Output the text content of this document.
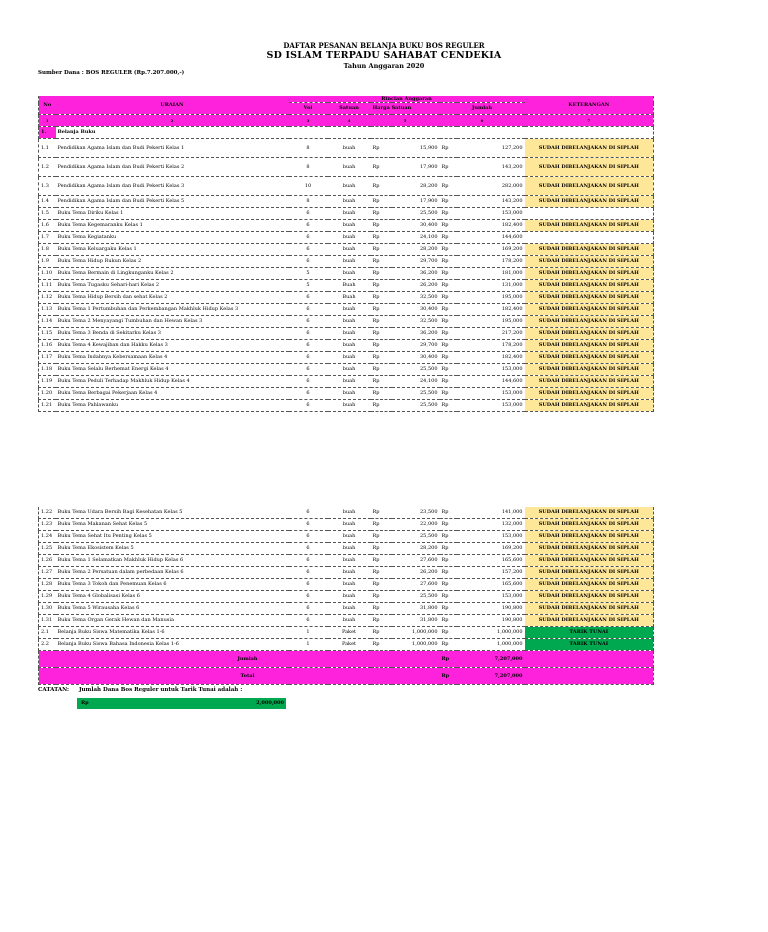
DAFTAR PESANAN BELANJA BUKU BOS REGULER
SD ISLAM TERPADU SAHABAT CENDEKIA
Tahun Anggaran 2020
Sumber Dana : BOS REGULER (Rp.7.207.000,-)
No	URAIAN	Rincian Anggaran						KETERANGAN
		Vol	Satuan	Harga Satuan		Jumlah		
1	2	3	4	5		6		7
1.	Belanja Buku							
1.1	Pendidikan Agama Islam dan Budi Pekerti Kelas 1	8	buah	Rp	15,900	Rp	127,200	SUDAH DIBELANJAKAN DI SIPLAH
1.2	Pendidikan Agama Islam dan Budi Pekerti Kelas 2	8	buah	Rp	17,900	Rp	143,200	SUDAH DIBELANJAKAN DI SIPLAH
1.3	Pendidikan Agama Islam dan Budi Pekerti Kelas 3	10	buah	Rp	28,200	Rp	282,000	SUDAH DIBELANJAKAN DI SIPLAH
1.4	Pendidikan Agama Islam dan Budi Pekerti Kelas 5	8	buah	Rp	17,900	Rp	143,200	SUDAH DIBELANJAKAN DI SIPLAH
1.5	Buku Tema Diriku Kelas 1	6	buah	Rp	25,500	Rp	153,000	
1.6	Buku Tema Kegemaranku Kelas 1	6	buah	Rp	30,400	Rp	182,400	SUDAH DIBELANJAKAN DI SIPLAH
1.7	Buku Tema Kegiatanku	6	buah	Rp	24,100	Rp	144,600	
1.8	Buku Tema Keluargaku Kelas 1	6	buah	Rp	28,200	Rp	169,200	SUDAH DIBELANJAKAN DI SIPLAH
1.9	Buku Tema Hidup Rukun Kelas 2	6	buah	Rp	29,700	Rp	178,200	SUDAH DIBELANJAKAN DI SIPLAH
1.10	Buku Tema Bermain di Lingkunganku Kelas 2	5	buah	Rp	36,200	Rp	181,000	SUDAH DIBELANJAKAN DI SIPLAH
1.11	Buku Tema Tugasku Sehari-hari Kelas 2	5	Buah	Rp	26,200	Rp	131,000	SUDAH DIBELANJAKAN DI SIPLAH
1.12	Buku Tema Hidup Bersih dan sehat Kelas 2	6	Buah	Rp	32,500	Rp	195,000	SUDAH DIBELANJAKAN DI SIPLAH
1.13	Buku Tema 1 Pertumbuhan dan Perkembangan Makhluk Hidup Kelas 3	6	buah	Rp	30,400	Rp	182,400	SUDAH DIBELANJAKAN DI SIPLAH
1.14	Buku Tema 2 Menyayangi Tumbuhan dan Hewan Kelas 3	6	buah	Rp	32,500	Rp	195,000	SUDAH DIBELANJAKAN DI SIPLAH
1.15	Buku Tema 3 Benda di Sekitarku Kelas 3	6	buah	Rp	36,200	Rp	217,200	SUDAH DIBELANJAKAN DI SIPLAH
1.16	Buku Tema 4 Kewajiban dan Hakku Kelas 3	6	buah	Rp	29,700	Rp	178,200	SUDAH DIBELANJAKAN DI SIPLAH
1.17	Buku Tema Indahnya Kebersamaan Kelas 4	6	buah	Rp	30,400	Rp	182,400	SUDAH DIBELANJAKAN DI SIPLAH
1.18	Buku Tema Selalu Berhemat Energi Kelas 4	6	buah	Rp	25,500	Rp	153,000	SUDAH DIBELANJAKAN DI SIPLAH
1.19	Buku Tema Peduli Terhadap Makhluk Hidup Kelas 4	6	buah	Rp	24,100	Rp	144,600	SUDAH DIBELANJAKAN DI SIPLAH
1.20	Buku Tema Berbagai Pekerjaan Kelas 4	6	buah	Rp	25,500	Rp	153,000	SUDAH DIBELANJAKAN DI SIPLAH
1.21	Buku Tema Pahlawanku	6	buah	Rp	25,500	Rp	153,000	SUDAH DIBELANJAKAN DI SIPLAH
1.22	Buku Tema Udara Bersih Bagi Kesehatan Kelas 5	6	buah	Rp	23,500	Rp	141,000	SUDAH DIBELANJAKAN DI SIPLAH
1.23	Buku Tema Makanan Sehat Kelas 5	6	buah	Rp	22,000	Rp	132,000	SUDAH DIBELANJAKAN DI SIPLAH
1.24	Buku Tema Sehat Itu Penting Kelas 5	6	buah	Rp	25,500	Rp	153,000	SUDAH DIBELANJAKAN DI SIPLAH
1.25	Buku Tema Ekosistem Kelas 5	6	buah	Rp	28,200	Rp	169,200	SUDAH DIBELANJAKAN DI SIPLAH
1.26	Buku Tema 1 Selamatkan Makhluk Hidup Kelas 6	6	buah	Rp	27,600	Rp	165,600	SUDAH DIBELANJAKAN DI SIPLAH
1.27	Buku Tema 2 Persatuan dalam perbedaan Kelas 6	6	buah	Rp	26,200	Rp	157,200	SUDAH DIBELANJAKAN DI SIPLAH
1.28	Buku Tema 3 Tokoh dan Penemuan Kelas 6	6	buah	Rp	27,600	Rp	165,600	SUDAH DIBELANJAKAN DI SIPLAH
1.29	Buku Tema 4 Globalisasi Kelas 6	6	buah	Rp	25,500	Rp	153,000	SUDAH DIBELANJAKAN DI SIPLAH
1.30	Buku Tema 5 Wirausaha Kelas 6	6	buah	Rp	31,800	Rp	190,800	SUDAH DIBELANJAKAN DI SIPLAH
1.31	Buku Tema Organ Gerak Hewan dan Manusia	6	buah	Rp	31,800	Rp	190,800	SUDAH DIBELANJAKAN DI SIPLAH
2.1	Belanja Buku Siswa Matematika Kelas 1-6	1	Paket	Rp	1,000,000	Rp	1,000,000	TARIK TUNAI
2.2	Belanja Buku Siswa Bahasa Indonesia Kelas 1-6	1	Paket	Rp	1,000,000	Rp	1,000,000	TARIK TUNAI
	Jumlah					Rp	7,207,000	
	Total					Rp	7,207,000	
CATATAN: Jumlah Dana Bos Reguler untuk Tarik Tunai adalah :
Rp	2,000,000
